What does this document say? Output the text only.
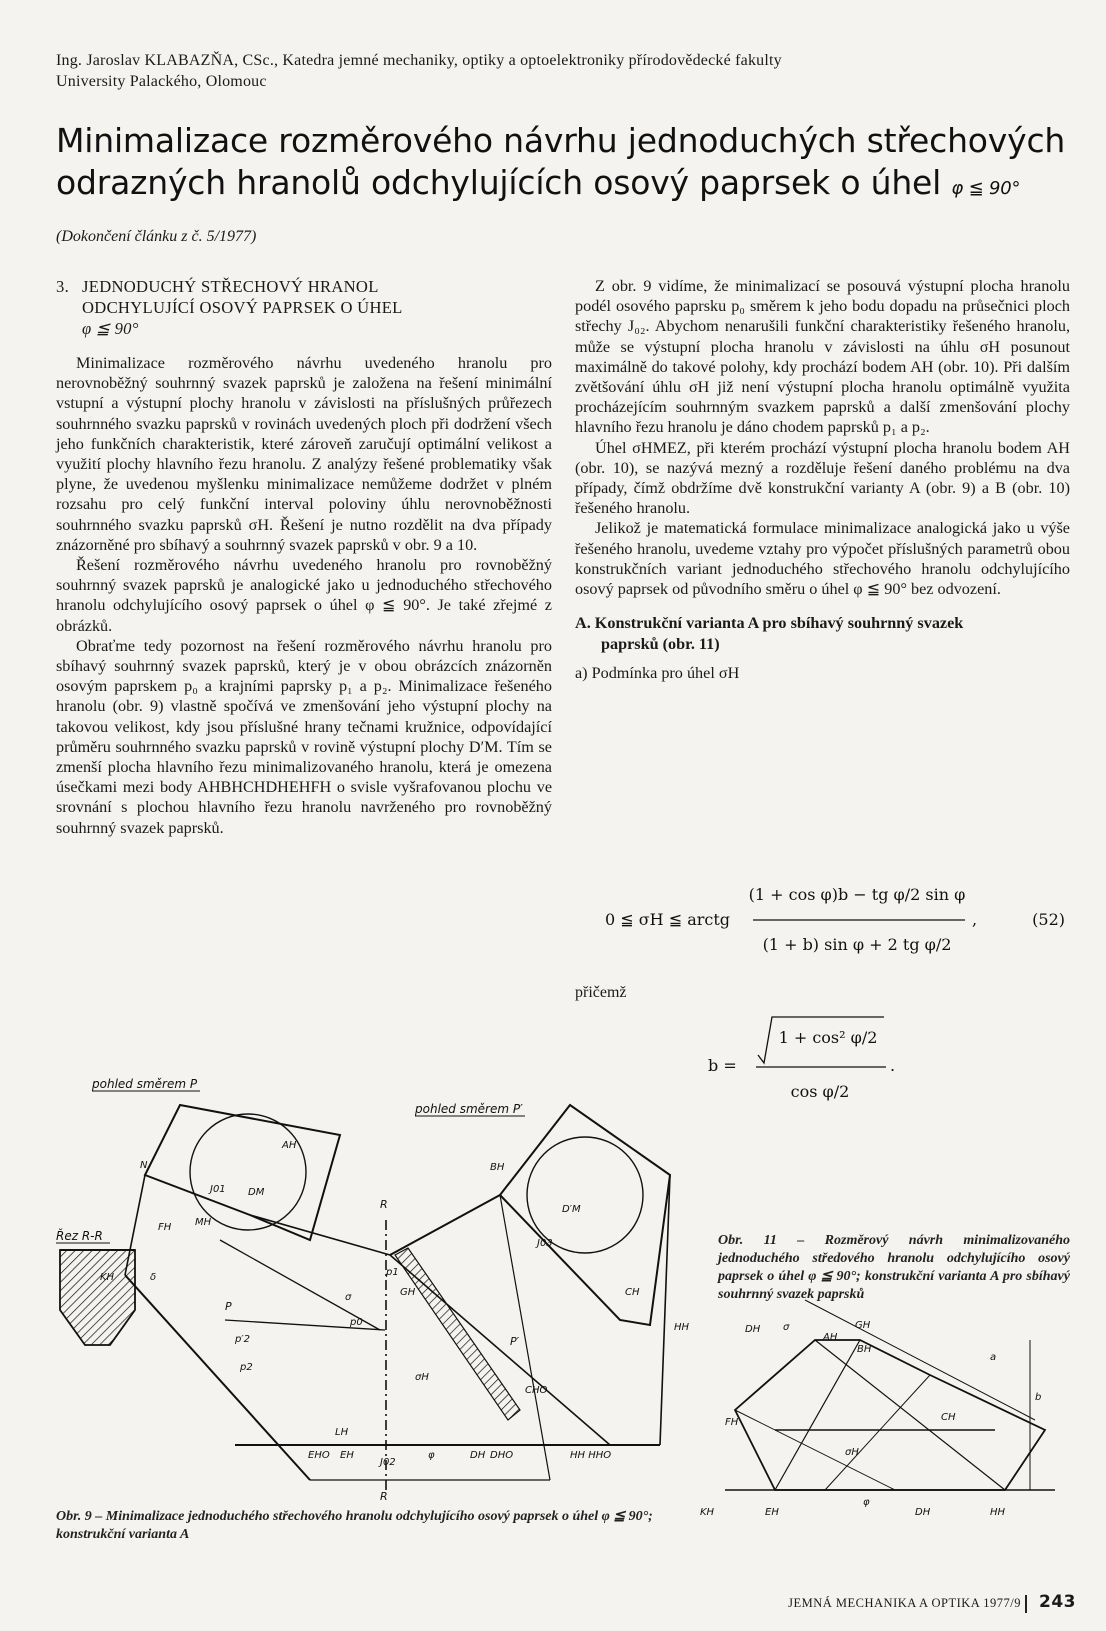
Ing. Jaroslav KLABAZŇA, CSc., Katedra jemné mechaniky, optiky a optoelektroniky přírodovědecké fakulty
University Palackého, Olomouc
Minimalizace rozměrového návrhu jednoduchých střechových
odrazných hranolů odchylujících osový paprsek o úhel φ ≦ 90°
(Dokončení článku z č. 5/1977)
3. JEDNODUCHÝ STŘECHOVÝ HRANOL
ODCHYLUJÍCÍ OSOVÝ PAPRSEK O ÚHEL
φ ≦ 90°

Minimalizace rozměrového návrhu uvedeného hranolu pro nerovnoběžný souhrnný svazek paprsků je založena na řešení minimální vstupní a výstupní plochy hranolu v závislosti na příslušných průřezech souhrnného svazku paprsků v rovinách uvedených ploch při dodržení všech jeho funkčních charakteristik, které zároveň zaručují optimální velikost a využití plochy hlavního řezu hranolu. Z analýzy řešené problematiky však plyne, že uvedenou myšlenku minimalizace nemůžeme dodržet v plném rozsahu pro celý funkční interval poloviny úhlu nerovnoběžnosti souhrnného svazku paprsků σH. Řešení je nutno rozdělit na dva případy znázorněné pro sbíhavý a souhrnný svazek paprsků v obr. 9 a 10.

Řešení rozměrového návrhu uvedeného hranolu pro rovnoběžný souhrnný svazek paprsků je analogické jako u jednoduchého střechového hranolu odchylujícího osový paprsek o úhel φ ≦ 90°. Je také zřejmé z obrázků.

Obraťme tedy pozornost na řešení rozměrového návrhu hranolu pro sbíhavý souhrnný svazek paprsků, který je v obou obrázcích znázorněn osovým paprskem p₀ a krajními paprsky p₁ a p₂. Minimalizace řešeného hranolu (obr. 9) vlastně spočívá ve zmenšování jeho výstupní plochy na takovou velikost, kdy jsou příslušné hrany tečnami kružnice, odpovídající průměru souhrnného svazku paprsků v rovině výstupní plochy D′M. Tím se zmenší plocha hlavního řezu minimalizovaného hranolu, která je omezena úsečkami mezi body AHBHCHDHEHFH o svisle vyšrafovanou plochu ve srovnání s plochou hlavního řezu hranolu navrženého pro rovnoběžný souhrnný svazek paprsků.

Z obr. 9 vidíme, že minimalizací se posouvá výstupní plocha hranolu podél osového paprsku p₀ směrem k jeho bodu dopadu na průsečnici ploch střechy J₀₂. Abychom nenarušili funkční charakteristiky řešeného hranolu, může se výstupní plocha hranolu v závislosti na úhlu σH posunout maximálně do takové polohy, kdy prochází bodem AH (obr. 10). Při dalším zvětšování úhlu σH již není výstupní plocha hranolu optimálně využita procházejícím souhrnným svazkem paprsků a další zmenšování plochy hlavního řezu hranolu je dáno chodem paprsků p₁ a p₂.

Úhel σHMEZ, při kterém prochází výstupní plocha hranolu bodem AH (obr. 10), se nazývá mezný a rozděluje řešení daného problému na dva případy, čímž obdržíme dvě konstrukční varianty A (obr. 9) a B (obr. 10) řešeného hranolu.

Jelikož je matematická formulace minimalizace analogická jako u výše řešeného hranolu, uvedeme vztahy pro výpočet příslušných parametrů obou konstrukčních variant jednoduchého střechového hranolu odchylujícího osový paprsek od původního směru o úhel φ ≦ 90° bez odvození.

A. Konstrukční varianta A pro sbíhavý souhrnný svazek
paprsků (obr. 11)
a) Podmínka pro úhel σH
0 ≦ σH ≦ arctg
(1 + cos φ)b − tg φ/2 sin φ
(1 + b) sin φ + 2 tg φ/2
,	(52)
přičemž
b =
1 + cos² φ/2
cos φ/2
.
pohled směrem P
pohled směrem P′
Řez R-R
R
R
KH
N
AH
J01 DM
FH MH
BH
D′M
J03
CH
HH
GH
p1
p2
p′2
σ
σH
EHO EH
J02
φ	DH DHO	HH HHO
CHO
LH
P
P′
δ
p0
Obr. 9 – Minimalizace jednoduchého střechového hranolu odchylujícího osový paprsek o úhel φ ≦ 90°; konstrukční varianta A
DH σ
AH
GH
BH
FH	CH
σH
KH	EH
φ
DH	HH
a
b
Obr. 11 – Rozměrový návrh minimalizovaného jednoduchého středového hranolu odchylujícího osový paprsek o úhel φ ≦ 90°; konstrukční varianta A pro sbíhavý souhrnný svazek paprsků
JEMNÁ MECHANIKA A OPTIKA 1977/9 243
